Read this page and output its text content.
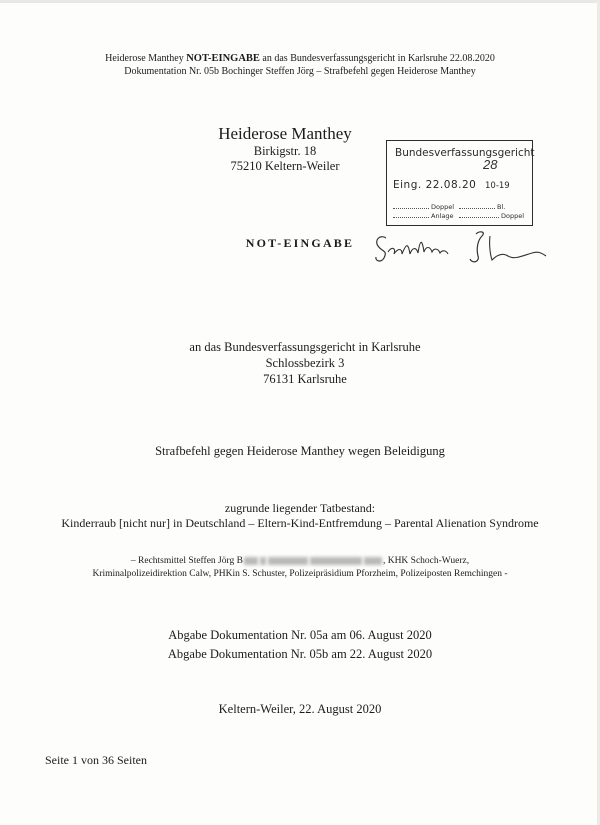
Heiderose Manthey NOT-EINGABE an das Bundesverfassungsgericht in Karlsruhe 22.08.2020
Dokumentation Nr. 05b Bochinger Steffen Jörg – Strafbefehl gegen Heiderose Manthey
Heiderose Manthey
Birkigstr. 18
75210 Keltern-Weiler
Bundesverfassungsgericht
28
Eing. 22.08.20 10-19
Doppel	Bl.
Anlage	Doppel
NOT-EINGABE
an das Bundesverfassungsgericht in Karlsruhe
Schlossbezirk 3
76131 Karlsruhe
Strafbefehl gegen Heiderose Manthey wegen Beleidigung
zugrunde liegender Tatbestand:
Kinderraub [nicht nur] in Deutschland – Eltern-Kind-Entfremdung – Parental Alienation Syndrome
– Rechtsmittel Steffen Jörg B	, KHK Schoch-Wuerz,
Kriminalpolizeidirektion Calw, PHKin S. Schuster, Polizeipräsidium Pforzheim, Polizeiposten Remchingen -
Abgabe Dokumentation Nr. 05a am 06. August 2020
Abgabe Dokumentation Nr. 05b am 22. August 2020
Keltern-Weiler, 22. August 2020
Seite 1 von 36 Seiten
